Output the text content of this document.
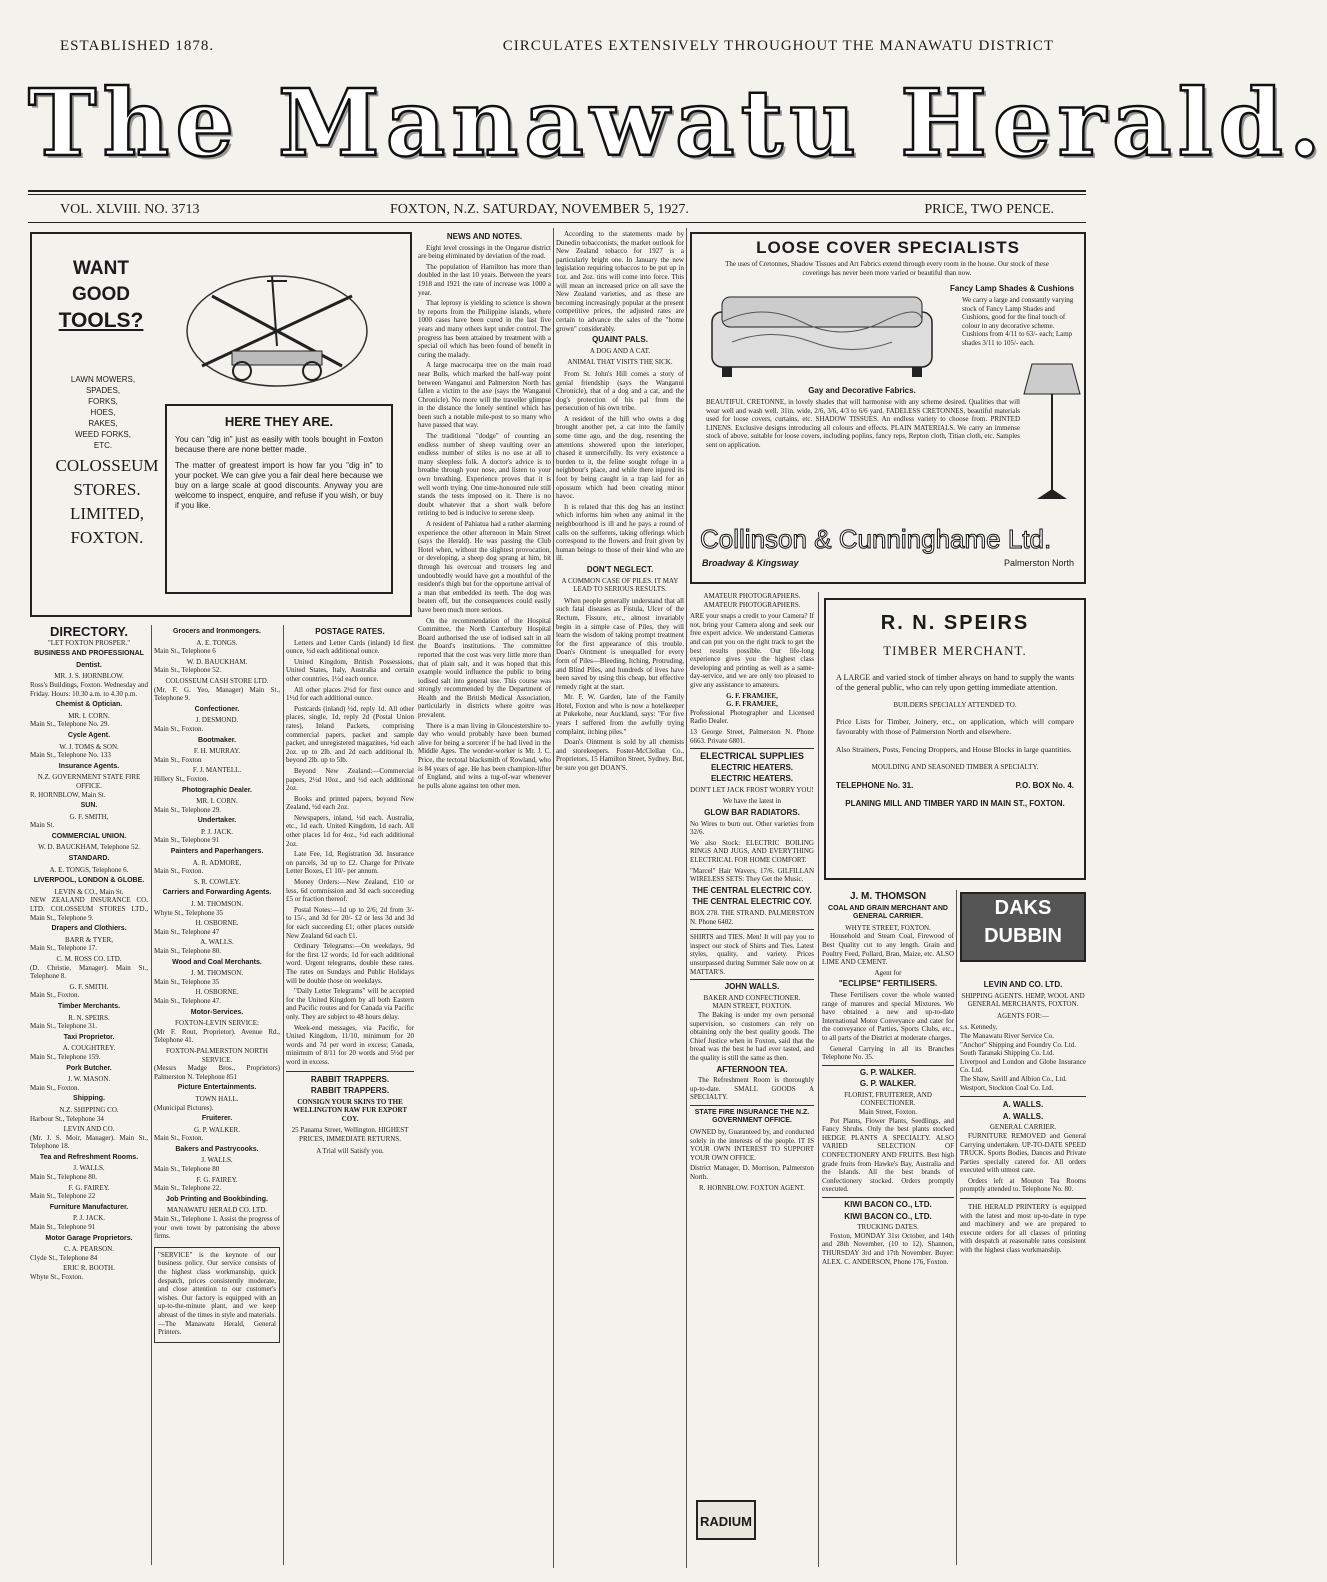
ESTABLISHED 1878.	CIRCULATES EXTENSIVELY THROUGHOUT THE MANAWATU DISTRICT
The Manawatu Herald.
VOL. XLVIII. NO. 3713	FOXTON, N.Z. SATURDAY, NOVEMBER 5, 1927.	PRICE, TWO PENCE.
WANT
GOOD
TOOLS?
LAWN MOWERS,
SPADES,
FORKS,
HOES,
RAKES,
WEED FORKS,
ETC.
COLOSSEUM
STORES.
LIMITED,
FOXTON.
HERE THEY ARE.

You can "dig in" just as easily with tools bought in Foxton because there are none better made.

The matter of greatest import is how far you "dig in" to your pocket. We can give you a fair deal here because we buy on a large scale at good discounts. Anyway you are welcome to inspect, enquire, and refuse if you wish, or buy if you like.

NEWS AND NOTES.

Eight level crossings in the Ongarue district are being eliminated by deviation of the road.

The population of Hamilton has more than doubled in the last 10 years. Between the years 1918 and 1921 the rate of increase was 1000 a year.

That leprosy is yielding to science is shown by reports from the Philippine islands, where 1000 cases have been cured in the last five years and many others kept under control. The progress has been attained by treatment with a special oil which has been found of benefit in curing the malady.

A large macrocarpa tree on the main road near Bulls, which marked the half-way point between Wanganui and Palmerston North has fallen a victim to the axe (says the Wanganui Chronicle). No more will the traveller glimpse in the distance the lonely sentinel which has been such a notable mile-post to so many who have passed that way.

The traditional "dodge" of counting an endless number of sheep vaulting over an endless number of stiles is no use at all to many sleepless folk. A doctor's advice is to breathe through your nose, and listen to your own breathing. Experience proves that it is well worth trying. One time-honoured rule still stands the tests imposed on it. There is no doubt whatever that a short walk before retiring to bed is inducive to serene sleep.

A resident of Pahiatua had a rather alarming experience the other afternoon in Main Street (says the Herald). He was passing the Club Hotel when, without the slightest provocation, or developing, a sheep dog sprang at him, bit through his overcoat and trousers leg and undoubtedly would have got a mouthful of the resident's thigh but for the opportune arrival of a man that embedded its teeth. The dog was beaten off, but the consequences could easily have been much more serious.

On the recommendation of the Hospital Committee, the North Canterbury Hospital Board authorised the use of iodised salt in all the Board's institutions. The committee reported that the cost was very little more than that of plain salt, and it was hoped that this example would influence the public to bring iodised salt into general use. This course was strongly recommended by the Department of Health and the British Medical Association, particularly in districts where goitre was prevalent.

There is a man living in Gloucestershire to-day who would probably have been burned alive for being a sorcerer if he had lived in the Middle Ages. The wonder-worker is Mr. J. C. Price, the tectotal blacksmith of Rowland, who is 84 years of age. He has been champion-lifter of England, and wins a tug-of-war whenever he pulls alone against ten other men.

According to the statements made by Dunedin tobacconists, the market outlook for New Zealand tobacco for 1927 is a particularly bright one. In January the new legislation requiring tobaccos to be put up in 1oz. and 2oz. tins will come into force. This will mean an increased price on all save the New Zealand varieties, and as these are becoming increasingly popular at the present competitive prices, the adjusted rates are certain to advance the sales of the "home grown" considerably.

QUAINT PALS.
A DOG AND A CAT.
ANIMAL THAT VISITS THE SICK.

From St. John's Hill comes a story of genial friendship (says the Wanganui Chronicle), that of a dog and a cat, and the dog's protection of his pal from the persecution of his own tribe.

A resident of the hill who owns a dog brought another pet, a cat into the family some time ago, and the dog, resenting the attentions showered upon the interloper, chased it unmercifully. Its very existence a burden to it, the feline sought refuge in a neighbour's place, and while there injured its foot by being caught in a trap laid for an opossum which had been creating minor havoc.

It is related that this dog has an instinct which informs him when any animal in the neighbourhood is ill and he pays a round of calls on the sufferers, taking offerings which correspond to the flowers and fruit given by human beings to those of their kind who are ill.

DON'T NEGLECT.
A COMMON CASE OF PILES. IT MAY LEAD TO SERIOUS RESULTS.

When people generally understand that all such fatal diseases as Fistula, Ulcer of the Rectum, Fissure, etc., almost invariably begin in a simple case of Piles, they will learn the wisdom of taking prompt treatment for the first appearance of this trouble. Doan's Ointment is unequalled for every form of Piles—Bleeding, Itching, Protruding, and Blind Piles, and hundreds of lives have been saved by using this cheap, but effective remedy right at the start.

Mr. F. W. Garden, late of the Family Hotel, Foxton and who is now a hotelkeeper at Pukekohe, near Auckland, says: "For five years I suffered from the awfully trying complaint, itching piles."

Doan's Ointment is sold by all chemists and storekeepers. Foster-McClellan Co., Proprietors, 15 Hamilton Street, Sydney. But, be sure you get DOAN'S.

DIRECTORY.
"LET FOXTON PROSPER."
BUSINESS AND PROFESSIONAL
Dentist.
MR. J. S. HORNBLOW.
Ross's Buildings, Foxton. Wednesday and Friday. Hours: 10.30 a.m. to 4.30 p.m.
Chemist & Optician.
MR. I. CORN.
Main St., Telephone No. 29.
Cycle Agent.
W. J. TOMS & SON.
Main St., Telephone No. 133
Insurance Agents.
N.Z. GOVERNMENT STATE FIRE OFFICE.
R. HORNBLOW, Main St.
SUN.
G. F. SMITH,
Main St.
COMMERCIAL UNION.
W. D. BAUCKHAM, Telephone 52.
STANDARD.
A. E. TONGS, Telephone 6.
LIVERPOOL, LONDON & GLOBE.
LEVIN & CO., Main St.
NEW ZEALAND INSURANCE CO. LTD. COLOSSEUM STORES LTD., Main St., Telephone 9.
Drapers and Clothiers.
BARR & TYER,
Main St., Telephone 17.
C. M. ROSS CO. LTD.
(D. Christie, Manager). Main St., Telephone 8.
G. F. SMITH.
Main St., Foxton.
Timber Merchants.
R. N. SPEIRS.
Main St., Telephone 31.
Taxi Proprietor.
A. COUGHTREY.
Main St., Telephone 159.
Pork Butcher.
J. W. MASON.
Main St., Foxton.
Shipping.
N.Z. SHIPPING CO.
Harbour St., Telephone 34
LEVIN AND CO.
(Mr. J. S. Moir, Manager). Main St., Telephone 18.
Tea and Refreshment Rooms.
J. WALLS.
Main St., Telephone 80.
F. G. FAIREY.
Main St., Telephone 22
Furniture Manufacturer.
P. J. JACK.
Main St., Telephone 91
Motor Garage Proprietors.
C. A. PEARSON.
Clyde St., Telephone 84
ERIC R. BOOTH.
Whyte St., Foxton.
Grocers and Ironmongers.
A. E. TONGS.
Main St., Telephone 6
W. D. BAUCKHAM.
Main St., Telephone 52.
COLOSSEUM CASH STORE LTD.
(Mr. F. G. Yeo, Manager) Main St., Telephone 9.
Confectioner.
J. DESMOND.
Main St., Foxton.
Bootmaker.
F. H. MURRAY.
Main St., Foxton
F. J. MANTELL.
Hillery St., Foxton.
Photographic Dealer.
MR. I. CORN.
Main St., Telephone 29.
Undertaker.
P. J. JACK.
Main St., Telephone 91
Painters and Paperhangers.
A. R. ADMORE,
Main St., Foxton.
S. R. COWLEY.
Carriers and Forwarding Agents.
J. M. THOMSON.
Whyte St., Telephone 35
H. OSBORNE.
Main St., Telephone 47
A. WALLS.
Main St., Telephone 80.
Wood and Coal Merchants.
J. M. THOMSON.
Main St., Telephone 35
H. OSBORNE.
Main St., Telephone 47.
Motor-Services.
FOXTON-LEVIN SERVICE:
(Mr F. Rout, Proprietor). Avenue Rd., Telephone 41.
FOXTON-PALMERSTON NORTH SERVICE.
(Messrs Madge Bros., Proprietors) Palmerston N. Telephone 851
Picture Entertainments.
TOWN HALL.
(Municipal Pictures).
Fruiterer.
G. P. WALKER.
Main St., Foxton.
Bakers and Pastrycooks.
J. WALLS.
Main St., Telephone 80
F. G. FAIREY.
Main St., Telephone 22.
Job Printing and Bookbinding.
MANAWATU HERALD CO. LTD.
Main St., Telephone 1. Assist the progress of your own town by patronising the above firms.

"SERVICE" is the keynote of our business policy. Our service consists of the highest class workmanship, quick despatch, prices consistently moderate, and close attention to our customer's wishes. Our factory is equipped with an up-to-the-minute plant, and we keep abreast of the times in style and materials.—The Manawatu Herald, General Printers.

POSTAGE RATES.

Letters and Letter Cards (inland) 1d first ounce, ½d each additional ounce.

United Kingdom, British Possessions, United States, Italy, Australia and certain other countries, 1½d each ounce.

All other places 2½d for first ounce and 1½d for each additional ounce.

Postcards (inland) ½d, reply 1d. All other places, single, 1d, reply 2d (Postal Union rates), Inland Packets, comprising commercial papers, packet and sample packet, and unregistered magazines, ½d each 2oz. up to 2lb. and 2d each additional lb. beyond 2lb. up to 5lb.

Beyond New Zealand:—Commercial papers, 2½d 10oz., and ½d each additional 2oz.

Books and printed papers, beyond New Zealand, ½d each 2oz.

Newspapers, inland, ½d each. Australia, etc., 1d each. United Kingdom, 1d each. All other places 1d for 4oz., ½d each additional 2oz.

Late Fee, 1d, Registration 3d. Insurance on parcels, 3d up to £2. Charge for Private Letter Boxes, £1 10/- per annum.

Money Orders:—New Zealand, £10 or less, 6d commission and 3d each succeeding £5 or fraction thereof.

Postal Notes:—1d up to 2/6; 2d from 3/- to 15/-, and 3d for 20/- £2 or less 3d and 3d for each succeeding £1; other places outside New Zealand 6d each £1.

Ordinary Telegrams:—On weekdays, 9d for the first 12 words; 1d for each additional word. Urgent telegrams, double these rates. The rates on Sundays and Public Holidays will be double those on weekdays.

"Daily Letter Telegrams" will be accepted for the United Kingdom by all both Eastern and Pacific routes and for Canada via Pacific only. They are subject to 48 hours delay.

Week-end messages, via Pacific, for United Kingdom, 11/10, minimum for 20 words and 7d per word in excess; Canada, minimum of 8/11 for 20 words and 5½d per word in excess.

RABBIT TRAPPERS.
RABBIT TRAPPERS.
CONSIGN YOUR SKINS TO THE WELLINGTON RAW FUR EXPORT COY.
25 Panama Street, Wellington. HIGHEST PRICES, IMMEDIATE RETURNS.
A Trial will Satisfy you.
LOOSE COVER SPECIALISTS
The uses of Cretonnes, Shadow Tissues and Art Fabrics extend through every room in the house. Our stock of these coverings has never been more varied or beautiful than now.
Fancy Lamp Shades & Cushions
We carry a large and constantly varying stock of Fancy Lamp Shades and Cushions, good for the final touch of colour in any decorative scheme. Cushions from 4/11 to 63/- each; Lamp shades 3/11 to 105/- each.
Gay and Decorative Fabrics.
BEAUTIFUL CRETONNE, in lovely shades that will harmonise with any scheme desired. Qualities that will wear well and wash well. 31in. wide, 2/6, 3/6, 4/3 to 6/6 yard. FADELESS CRETONNES, beautiful materials used for loose covers, curtains, etc. SHADOW TISSUES. An endless variety to choose from. PRINTED LINENS. Exclusive designs introducing all colours and effects. PLAIN MATERIALS. We carry an immense stock of above, suitable for loose covers, including poplins, fancy reps, Repton cloth, Titian cloth, etc. Samples sent on application.
Collinson & Cunninghame Ltd.
Broadway & Kingsway	Palmerston North
AMATEUR PHOTOGRAPHERS.
AMATEUR PHOTOGRAPHERS.

ARE your snaps a credit to your Camera? If not, bring your Camera along and seek our free expert advice. We understand Cameras and can put you on the right track to get the best results possible. Our life-long experience gives you the highest class developing and printing as well as a same-day-service, and we are only too pleased to give any assistance to amateurs.

G. F. FRAMJEE,
G. F. FRAMJEE,

Professional Photographer and Licensed Radio Dealer.

13 George Street, Palmerston N. Phone 6663. Private 6801.

ELECTRICAL SUPPLIES
ELECTRIC HEATERS.
ELECTRIC HEATERS.
DON'T LET JACK FROST WORRY YOU!
We have the latest in
GLOW BAR RADIATORS.

No Wires to burn out. Other varieties from 32/6.

We also Stock: ELECTRIC BOILING RINGS AND JUGS, AND EVERYTHING ELECTRICAL FOR HOME COMFORT.

"Marcel" Hair Wavers, 17/6. GILFILLAN WIRELESS SETS: They Get the Music.

THE CENTRAL ELECTRIC COY.
THE CENTRAL ELECTRIC COY.

BOX 278. THE STRAND. PALMERSTON N. Phone 6402.

SHIRTS and TIES. Men! It will pay you to inspect our stock of Shirts and Ties. Latest styles, quality, and variety. Prices unsurpassed during Summer Sale now on at MATTAR'S.

JOHN WALLS.
BAKER AND CONFECTIONER.
MAIN STREET, FOXTON.

The Baking is under my own personal supervision, so customers can rely on obtaining only the best quality goods. The Chief Justice when in Foxton, said that the bread was the best he had ever tasted, and the quality is still the same as then.

AFTERNOON TEA.

The Refreshment Room is thoroughly up-to-date. SMALL GOODS A SPECIALTY.

STATE FIRE INSURANCE THE N.Z. GOVERNMENT OFFICE.

OWNED by, Guaranteed by, and conducted solely in the interests of the people. IT IS YOUR OWN INTEREST TO SUPPORT YOUR OWN OFFICE.

District Manager, D. Morrison, Palmerston North.

R. HORNBLOW. FOXTON AGENT.
RADIUM
R. N. SPEIRS
TIMBER MERCHANT.
A LARGE and varied stock of timber always on hand to supply the wants of the general public, who can rely upon getting immediate attention.
BUILDERS SPECIALLY ATTENDED TO.
Price Lists for Timber, Joinery, etc., on application, which will compare favourably with those of Palmerston North and elsewhere.
Also Strainers, Posts, Fencing Droppers, and House Blocks in large quantities.
MOULDING AND SEASONED TIMBER A SPECIALTY.
TELEPHONE No. 31.	P.O. BOX No. 4.
PLANING MILL AND TIMBER YARD IN MAIN ST., FOXTON.
J. M. THOMSON
COAL AND GRAIN MERCHANT AND GENERAL CARRIER.
WHYTE STREET, FOXTON.

Household and Steam Coal, Firewood of Best Quality cut to any length. Grain and Poultry Feed, Pollard, Bran, Maize, etc. ALSO LIME AND CEMENT.

Agent for
"ECLIPSE" FERTILISERS.

These Fertilisers cover the whole wanted range of manures and special Mixtures. We have obtained a new and up-to-date International Motor Conveyance and cater for the conveyance of Parties, Sports Clubs, etc., to all parts of the District at moderate charges.

General Carrying in all its Branches Telephone No. 35.

G. P. WALKER.
G. P. WALKER.
FLORIST, FRUITERER, AND CONFECTIONER.
Main Street, Foxton.

Pot Plants, Flower Plants, Seedlings, and Fancy Shrubs. Only the best plants stocked HEDGE PLANTS A SPECIALTY. ALSO VARIED SELECTION OF CONFECTIONERY AND FRUITS. Best high grade fruits from Hawke's Bay, Australia and the Islands. All the best brands of Confectionery stocked. Orders promptly executed.

KIWI BACON CO., LTD.
KIWI BACON CO., LTD.
TRUCKING DATES.

Foxton, MONDAY 31st October, and 14th and 28th November, (10 to 12). Shannon, THURSDAY 3rd and 17th November. Buyer: ALEX. C. ANDERSON, Phone 176, Foxton.

DAKS
DUBBIN
LEVIN AND CO. LTD.
SHIPPING AGENTS. HEMP, WOOL AND GENERAL MERCHANTS, FOXTON.
AGENTS FOR:—
s.s. Kennedy,
The Manawatu River Service Co.
"Anchor" Shipping and Foundry Co. Ltd.
South Taranaki Shipping Co. Ltd.
Liverpool and London and Globe Insurance Co. Ltd.
The Shaw, Savill and Albion Co., Ltd.
Westport, Stockton Coal Co. Ltd.
A. WALLS.
A. WALLS.
GENERAL CARRIER.

FURNITURE REMOVED and General Carrying undertaken. UP-TO-DATE SPEED TRUCK. Sports Bodies, Dances and Private Parties specially catered for. All orders executed with utmost care.

Orders left at Mouton Tea Rooms promptly attended to. Telephone No. 80.

THE HERALD PRINTERY is equipped with the latest and most up-to-date in type and machinery and we are prepared to execute orders for all classes of printing with despatch at reasonable rates consistent with the highest class workmanship.
